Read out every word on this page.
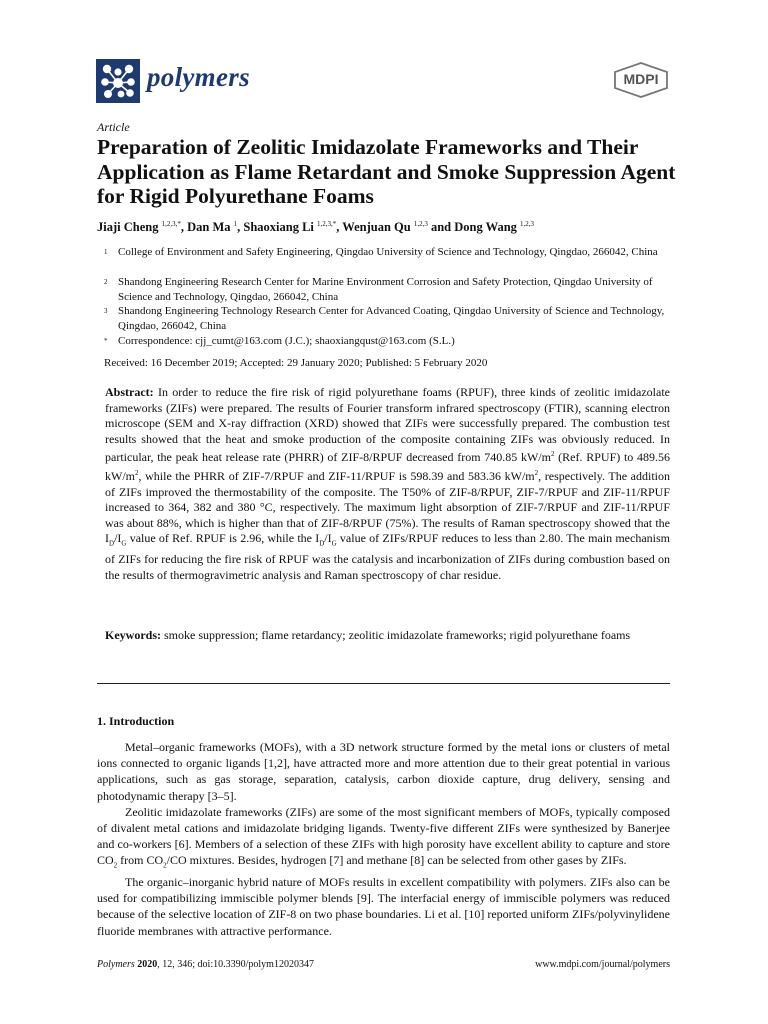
polymers	MDPI
Article
Preparation of Zeolitic Imidazolate Frameworks and Their Application as Flame Retardant and Smoke Suppression Agent for Rigid Polyurethane Foams
Jiaji Cheng $^{1,2,3,*}$, Dan Ma $^1$, Shaoxiang Li $^{1,2,3,*}$, Wenjuan Qu $^{1,2,3}$ and Dong Wang $^{1,2,3}$
1 College of Environment and Safety Engineering, Qingdao University of Science and Technology, Qingdao, 266042, China
2 Shandong Engineering Research Center for Marine Environment Corrosion and Safety Protection, Qingdao University of Science and Technology, Qingdao, 266042, China
3 Shandong Engineering Technology Research Center for Advanced Coating, Qingdao University of Science and Technology, Qingdao, 266042, China
* Correspondence: cjj_cumt@163.com (J.C.); shaoxiangqust@163.com (S.L.)
Received: 16 December 2019; Accepted: 29 January 2020; Published: 5 February 2020
Abstract: In order to reduce the fire risk of rigid polyurethane foams (RPUF), three kinds of zeolitic imidazolate frameworks (ZIFs) were prepared. The results of Fourier transform infrared spectroscopy (FTIR), scanning electron microscope (SEM and X-ray diffraction (XRD) showed that ZIFs were successfully prepared. The combustion test results showed that the heat and smoke production of the composite containing ZIFs was obviously reduced. In particular, the peak heat release rate (PHRR) of ZIF-8/RPUF decreased from 740.85 $kW/m^2$ (Ref. RPUF) to 489.56 $kW/m^2$, while the PHRR of ZIF-7/RPUF and ZIF-11/RPUF is 598.39 and 583.36 $kW/m^2$, respectively. The addition of ZIFs improved the thermostability of the composite. The T50% of ZIF-8/RPUF, ZIF-7/RPUF and ZIF-11/RPUF increased to 364, 382 and 380 °C, respectively. The maximum light absorption of ZIF-7/RPUF and ZIF-11/RPUF was about 88%, which is higher than that of ZIF-8/RPUF (75%). The results of Raman spectroscopy showed that the $I_D/I_G$ value of Ref. RPUF is 2.96, while the $I_D/I_G$ value of ZIFs/RPUF reduces to less than 2.80. The main mechanism of ZIFs for reducing the fire risk of RPUF was the catalysis and incarbonization of ZIFs during combustion based on the results of thermogravimetric analysis and Raman spectroscopy of char residue.
Keywords: smoke suppression; flame retardancy; zeolitic imidazolate frameworks; rigid polyurethane foams
1. Introduction

Metal–organic frameworks (MOFs), with a 3D network structure formed by the metal ions or clusters of metal ions connected to organic ligands [1,2], have attracted more and more attention due to their great potential in various applications, such as gas storage, separation, catalysis, carbon dioxide capture, drug delivery, sensing and photodynamic therapy [3–5].

Zeolitic imidazolate frameworks (ZIFs) are some of the most significant members of MOFs, typically composed of divalent metal cations and imidazolate bridging ligands. Twenty-five different ZIFs were synthesized by Banerjee and co-workers [6]. Members of a selection of these ZIFs with high porosity have excellent ability to capture and store $CO_2$ from $CO_2/CO$ mixtures. Besides, hydrogen [7] and methane [8] can be selected from other gases by ZIFs.

The organic–inorganic hybrid nature of MOFs results in excellent compatibility with polymers. ZIFs also can be used for compatibilizing immiscible polymer blends [9]. The interfacial energy of immiscible polymers was reduced because of the selective location of ZIF-8 on two phase boundaries. Li et al. [10] reported uniform ZIFs/polyvinylidene fluoride membranes with attractive performance.

Polymers 2020, 12, 346; doi:10.3390/polym12020347	www.mdpi.com/journal/polymers
